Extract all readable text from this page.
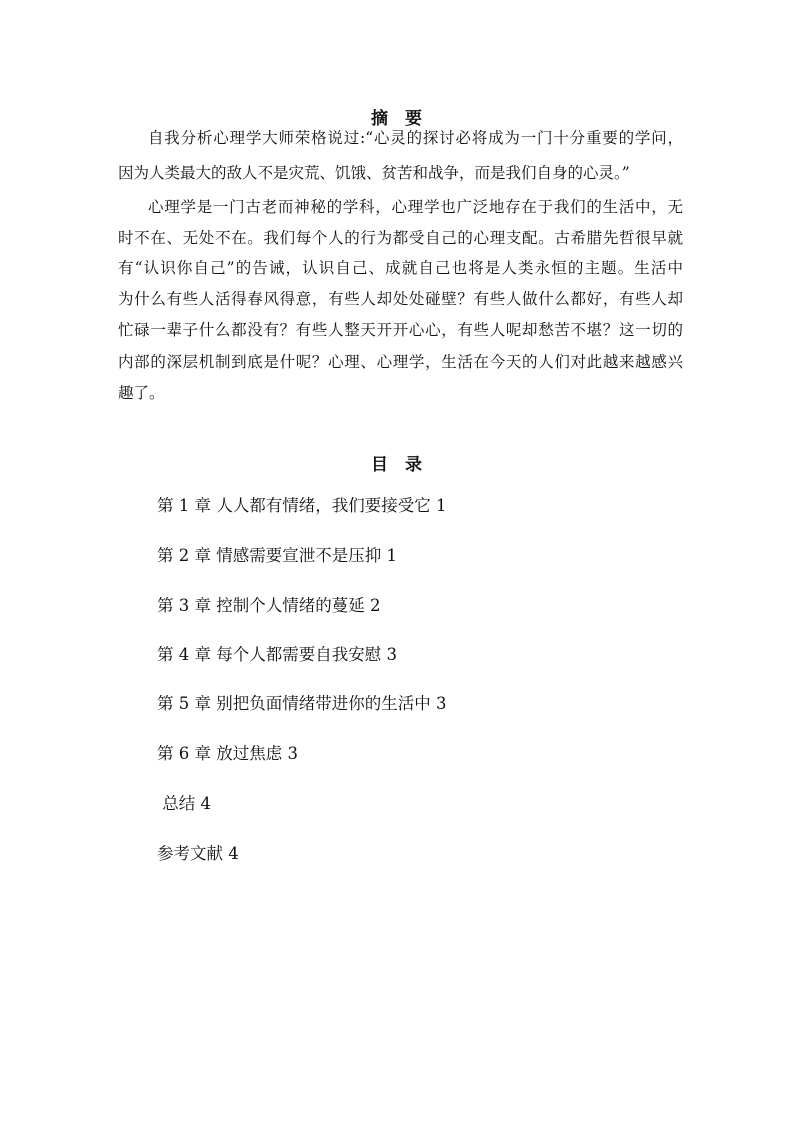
摘　要
自我分析心理学大师荣格说过:“心灵的探讨必将成为一门十分重要的学问，
因为人类最大的敌人不是灾荒、饥饿、贫苦和战争，而是我们自身的心灵。”
心理学是一门古老而神秘的学科，心理学也广泛地存在于我们的生活中，无
时不在、无处不在。我们每个人的行为都受自己的心理支配。古希腊先哲很早就
有“认识你自己”的告诫，认识自己、成就自己也将是人类永恒的主题。生活中
为什么有些人活得春风得意，有些人却处处碰壁？有些人做什么都好，有些人却
忙碌一辈子什么都没有？有些人整天开开心心，有些人呢却愁苦不堪？这一切的
内部的深层机制到底是什呢？心理、心理学，生活在今天的人们对此越来越感兴
趣了。
目　录
第 1 章 人人都有情绪，我们要接受它 1
第 2 章 情感需要宣泄不是压抑 1
第 3 章 控制个人情绪的蔓延 2
第 4 章 每个人都需要自我安慰 3
第 5 章 别把负面情绪带进你的生活中 3
第 6 章 放过焦虑 3
总结 4
参考文献 4
